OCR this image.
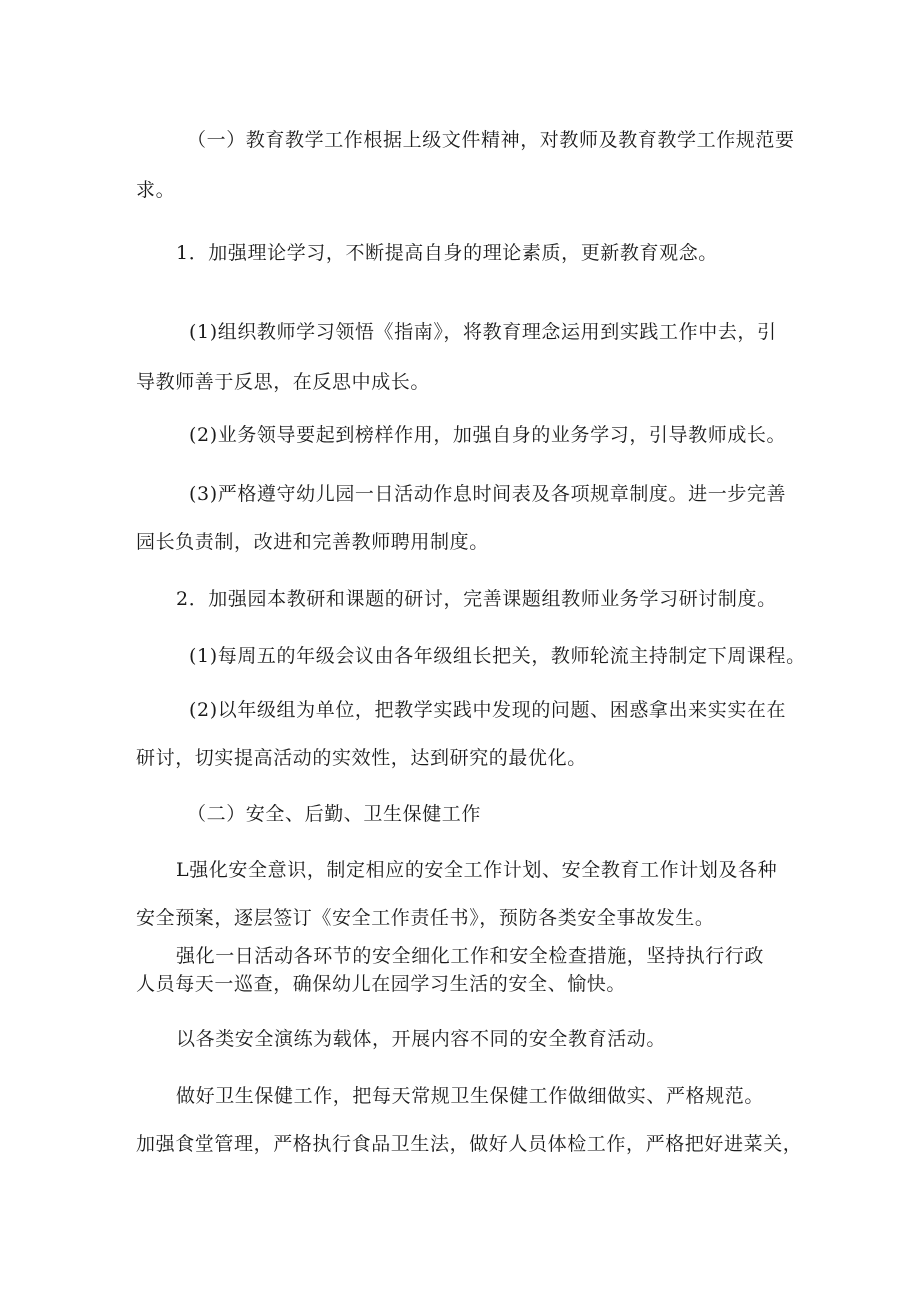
（一）教育教学工作根据上级文件精神，对教师及教育教学工作规范要
求。
1．加强理论学习，不断提高自身的理论素质，更新教育观念。
(1)组织教师学习领悟《指南》，将教育理念运用到实践工作中去，引
导教师善于反思，在反思中成长。
(2)业务领导要起到榜样作用，加强自身的业务学习，引导教师成长。
(3)严格遵守幼儿园一日活动作息时间表及各项规章制度。进一步完善
园长负责制，改进和完善教师聘用制度。
2．加强园本教研和课题的研讨，完善课题组教师业务学习研讨制度。
(1)每周五的年级会议由各年级组长把关，教师轮流主持制定下周课程。
(2)以年级组为单位，把教学实践中发现的问题、困惑拿出来实实在在
研讨，切实提高活动的实效性，达到研究的最优化。
（二）安全、后勤、卫生保健工作
L强化安全意识，制定相应的安全工作计划、安全教育工作计划及各种
安全预案，逐层签订《安全工作责任书》，预防各类安全事故发生。
强化一日活动各环节的安全细化工作和安全检查措施，坚持执行行政
人员每天一巡查，确保幼儿在园学习生活的安全、愉快。
以各类安全演练为载体，开展内容不同的安全教育活动。
做好卫生保健工作，把每天常规卫生保健工作做细做实、严格规范。
加强食堂管理，严格执行食品卫生法，做好人员体检工作，严格把好进菜关，
